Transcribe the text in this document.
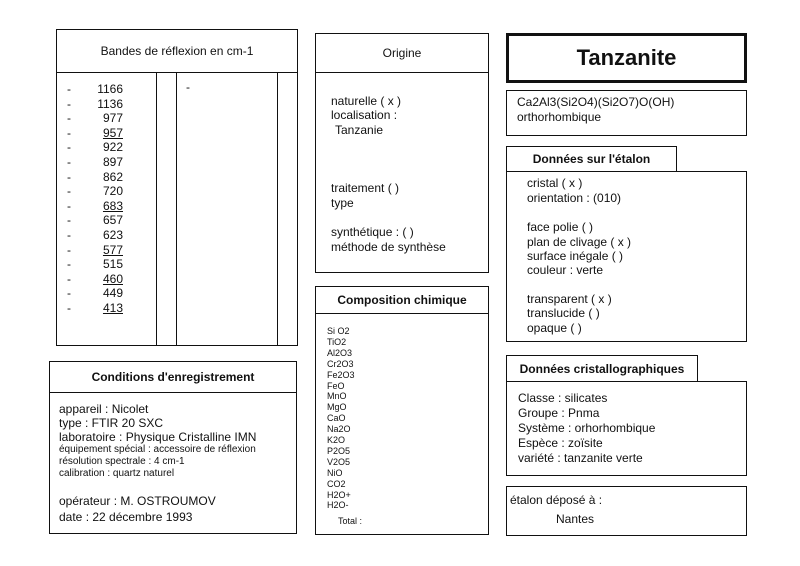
Bandes de réflexion en cm-1
-
-	1166
-	1136
-	977
-	957
-	922
-	897
-	862
-	720
-	683
-	657
-	623
-	577
-	515
-	460
-	449
-	413
Conditions d'enregistrement
appareil : Nicolet
type : FTIR 20 SXC
laboratoire : Physique Cristalline IMN
équipement spécial : accessoire de réflexion
résolution spectrale : 4 cm-1
calibration : quartz naturel
opérateur : M. OSTROUMOV
date : 22 décembre 1993
Origine
naturelle ( x )
localisation :
Tanzanie
traitement ( )
type
synthétique : ( )
méthode de synthèse
Composition chimique
Si O2
TiO2
Al2O3
Cr2O3
Fe2O3
FeO
MnO
MgO
CaO
Na2O
K2O
P2O5
V2O5
NiO
CO2
H2O+
H2O-
Total :
Tanzanite
Ca2Al3(Si2O4)(Si2O7)O(OH)
orthorhombique
Données sur l'étalon
cristal ( x )
orientation : (010)
face polie ( )
plan de clivage ( x )
surface inégale ( )
couleur : verte
transparent ( x )
translucide ( )
opaque ( )
Données cristallographiques
Classe : silicates
Groupe : Pnma
Système : orhorhombique
Espèce : zoïsite
variété : tanzanite verte
étalon déposé à :
Nantes
